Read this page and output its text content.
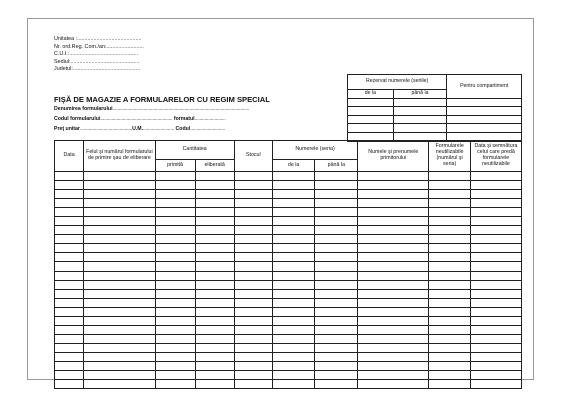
Unitatea :...........................................
Nr. ord.Reg. Com./an:.........................
C.U.I.:..............................................
Sediul:..............................................
Judetul:.............................................
Rezervat numerele (seriile)		Pentru compartiment
de la	până la	

FIŞĂ DE MAGAZIE A FORMULARELOR CU REGIM SPECIAL
Denumirea formularului..............................................................................................................
Codul formularului.......................................................... formatul.........................
Preţ unitar..........................................U.M.......................... Codul............................
Data	Felul şi numărul formularului de primire şau de eliberare	Cantitatea		Stocul	Numerele (seria)		Numele şi prenumele primitorului	Formularele neutilizabile (numărul şi seria)	Data şi semnătura celui care predă formularele neutilizabile
		primită	eliberată		de la	până la			
